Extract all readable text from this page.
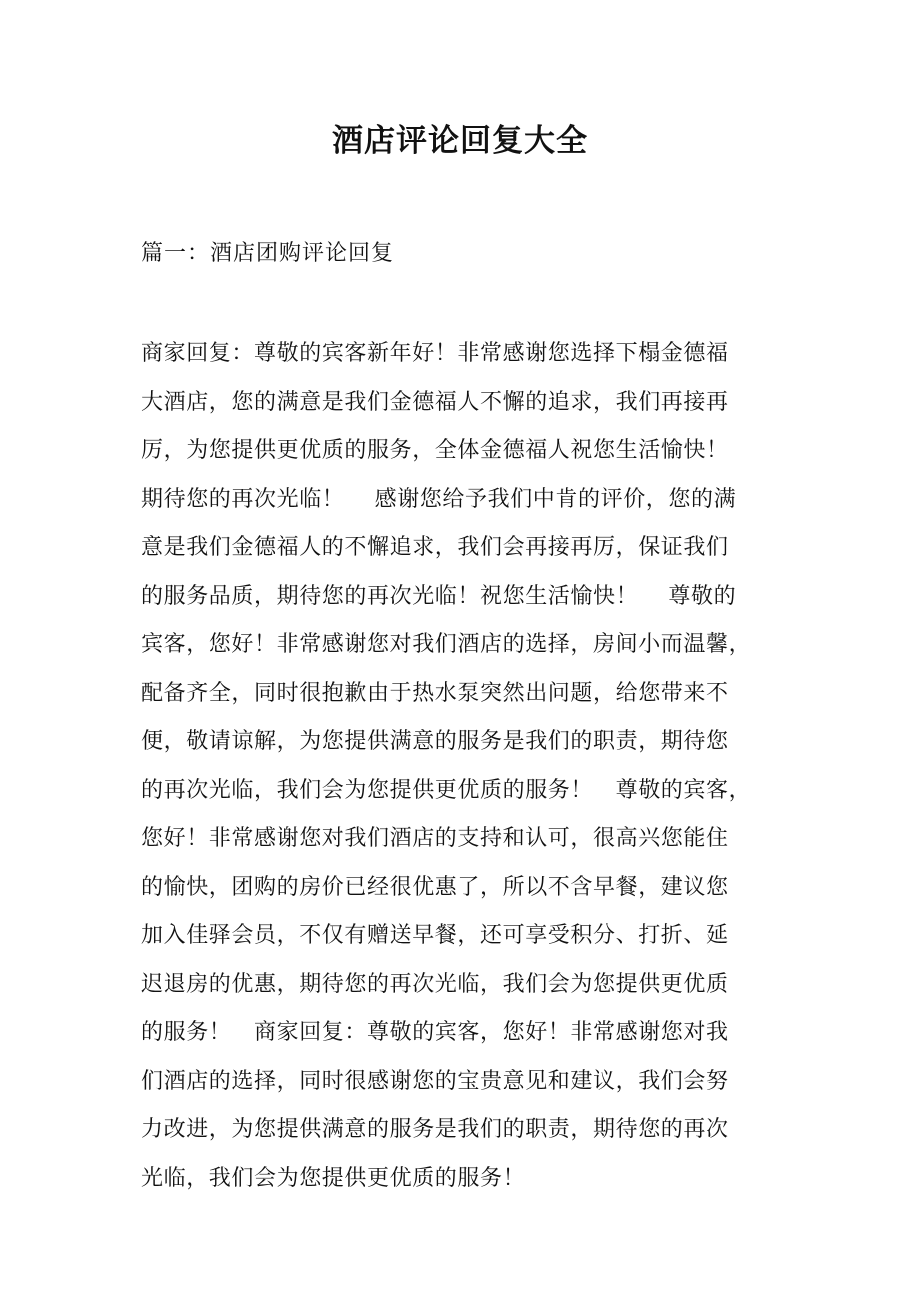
酒店评论回复大全

篇一：酒店团购评论回复

商家回复：尊敬的宾客新年好！非常感谢您选择下榻金德福
大酒店，您的满意是我们金德福人不懈的追求，我们再接再
厉，为您提供更优质的服务，全体金德福人祝您生活愉快！
期待您的再次光临！　 感谢您给予我们中肯的评价，您的满
意是我们金德福人的不懈追求，我们会再接再厉，保证我们
的服务品质，期待您的再次光临！祝您生活愉快！　 尊敬的
宾客，您好！非常感谢您对我们酒店的选择，房间小而温馨，
配备齐全，同时很抱歉由于热水泵突然出问题，给您带来不
便，敬请谅解，为您提供满意的服务是我们的职责，期待您
的再次光临，我们会为您提供更优质的服务！　尊敬的宾客，
您好！非常感谢您对我们酒店的支持和认可，很高兴您能住
的愉快，团购的房价已经很优惠了，所以不含早餐，建议您
加入佳驿会员，不仅有赠送早餐，还可享受积分、打折、延
迟退房的优惠，期待您的再次光临，我们会为您提供更优质
的服务！　商家回复：尊敬的宾客，您好！非常感谢您对我
们酒店的选择，同时很感谢您的宝贵意见和建议，我们会努
力改进，为您提供满意的服务是我们的职责，期待您的再次
光临，我们会为您提供更优质的服务！
